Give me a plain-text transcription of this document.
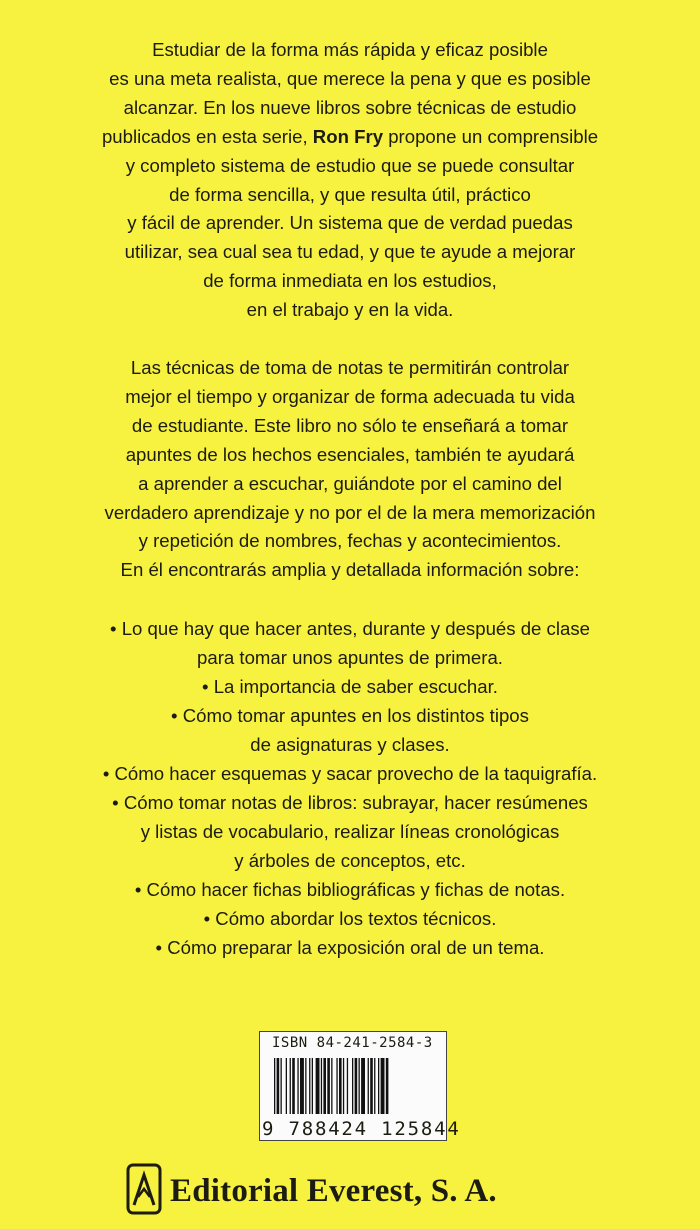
Estudiar de la forma más rápida y eficaz posible
es una meta realista, que merece la pena y que es posible
alcanzar. En los nueve libros sobre técnicas de estudio
publicados en esta serie, Ron Fry propone un comprensible
y completo sistema de estudio que se puede consultar
de forma sencilla, y que resulta útil, práctico
y fácil de aprender. Un sistema que de verdad puedas
utilizar, sea cual sea tu edad, y que te ayude a mejorar
de forma inmediata en los estudios,
en el trabajo y en la vida.
Las técnicas de toma de notas te permitirán controlar
mejor el tiempo y organizar de forma adecuada tu vida
de estudiante. Este libro no sólo te enseñará a tomar
apuntes de los hechos esenciales, también te ayudará
a aprender a escuchar, guiándote por el camino del
verdadero aprendizaje y no por el de la mera memorización
y repetición de nombres, fechas y acontecimientos.
En él encontrarás amplia y detallada información sobre:
• Lo que hay que hacer antes, durante y después de clase
para tomar unos apuntes de primera.
• La importancia de saber escuchar.
• Cómo tomar apuntes en los distintos tipos
de asignaturas y clases.
• Cómo hacer esquemas y sacar provecho de la taquigrafía.
• Cómo tomar notas de libros: subrayar, hacer resúmenes
y listas de vocabulario, realizar líneas cronológicas
y árboles de conceptos, etc.
• Cómo hacer fichas bibliográficas y fichas de notas.
• Cómo abordar los textos técnicos.
• Cómo preparar la exposición oral de un tema.
ISBN 84-241-2584-3
9 788424 125844
Editorial Everest, S. A.
